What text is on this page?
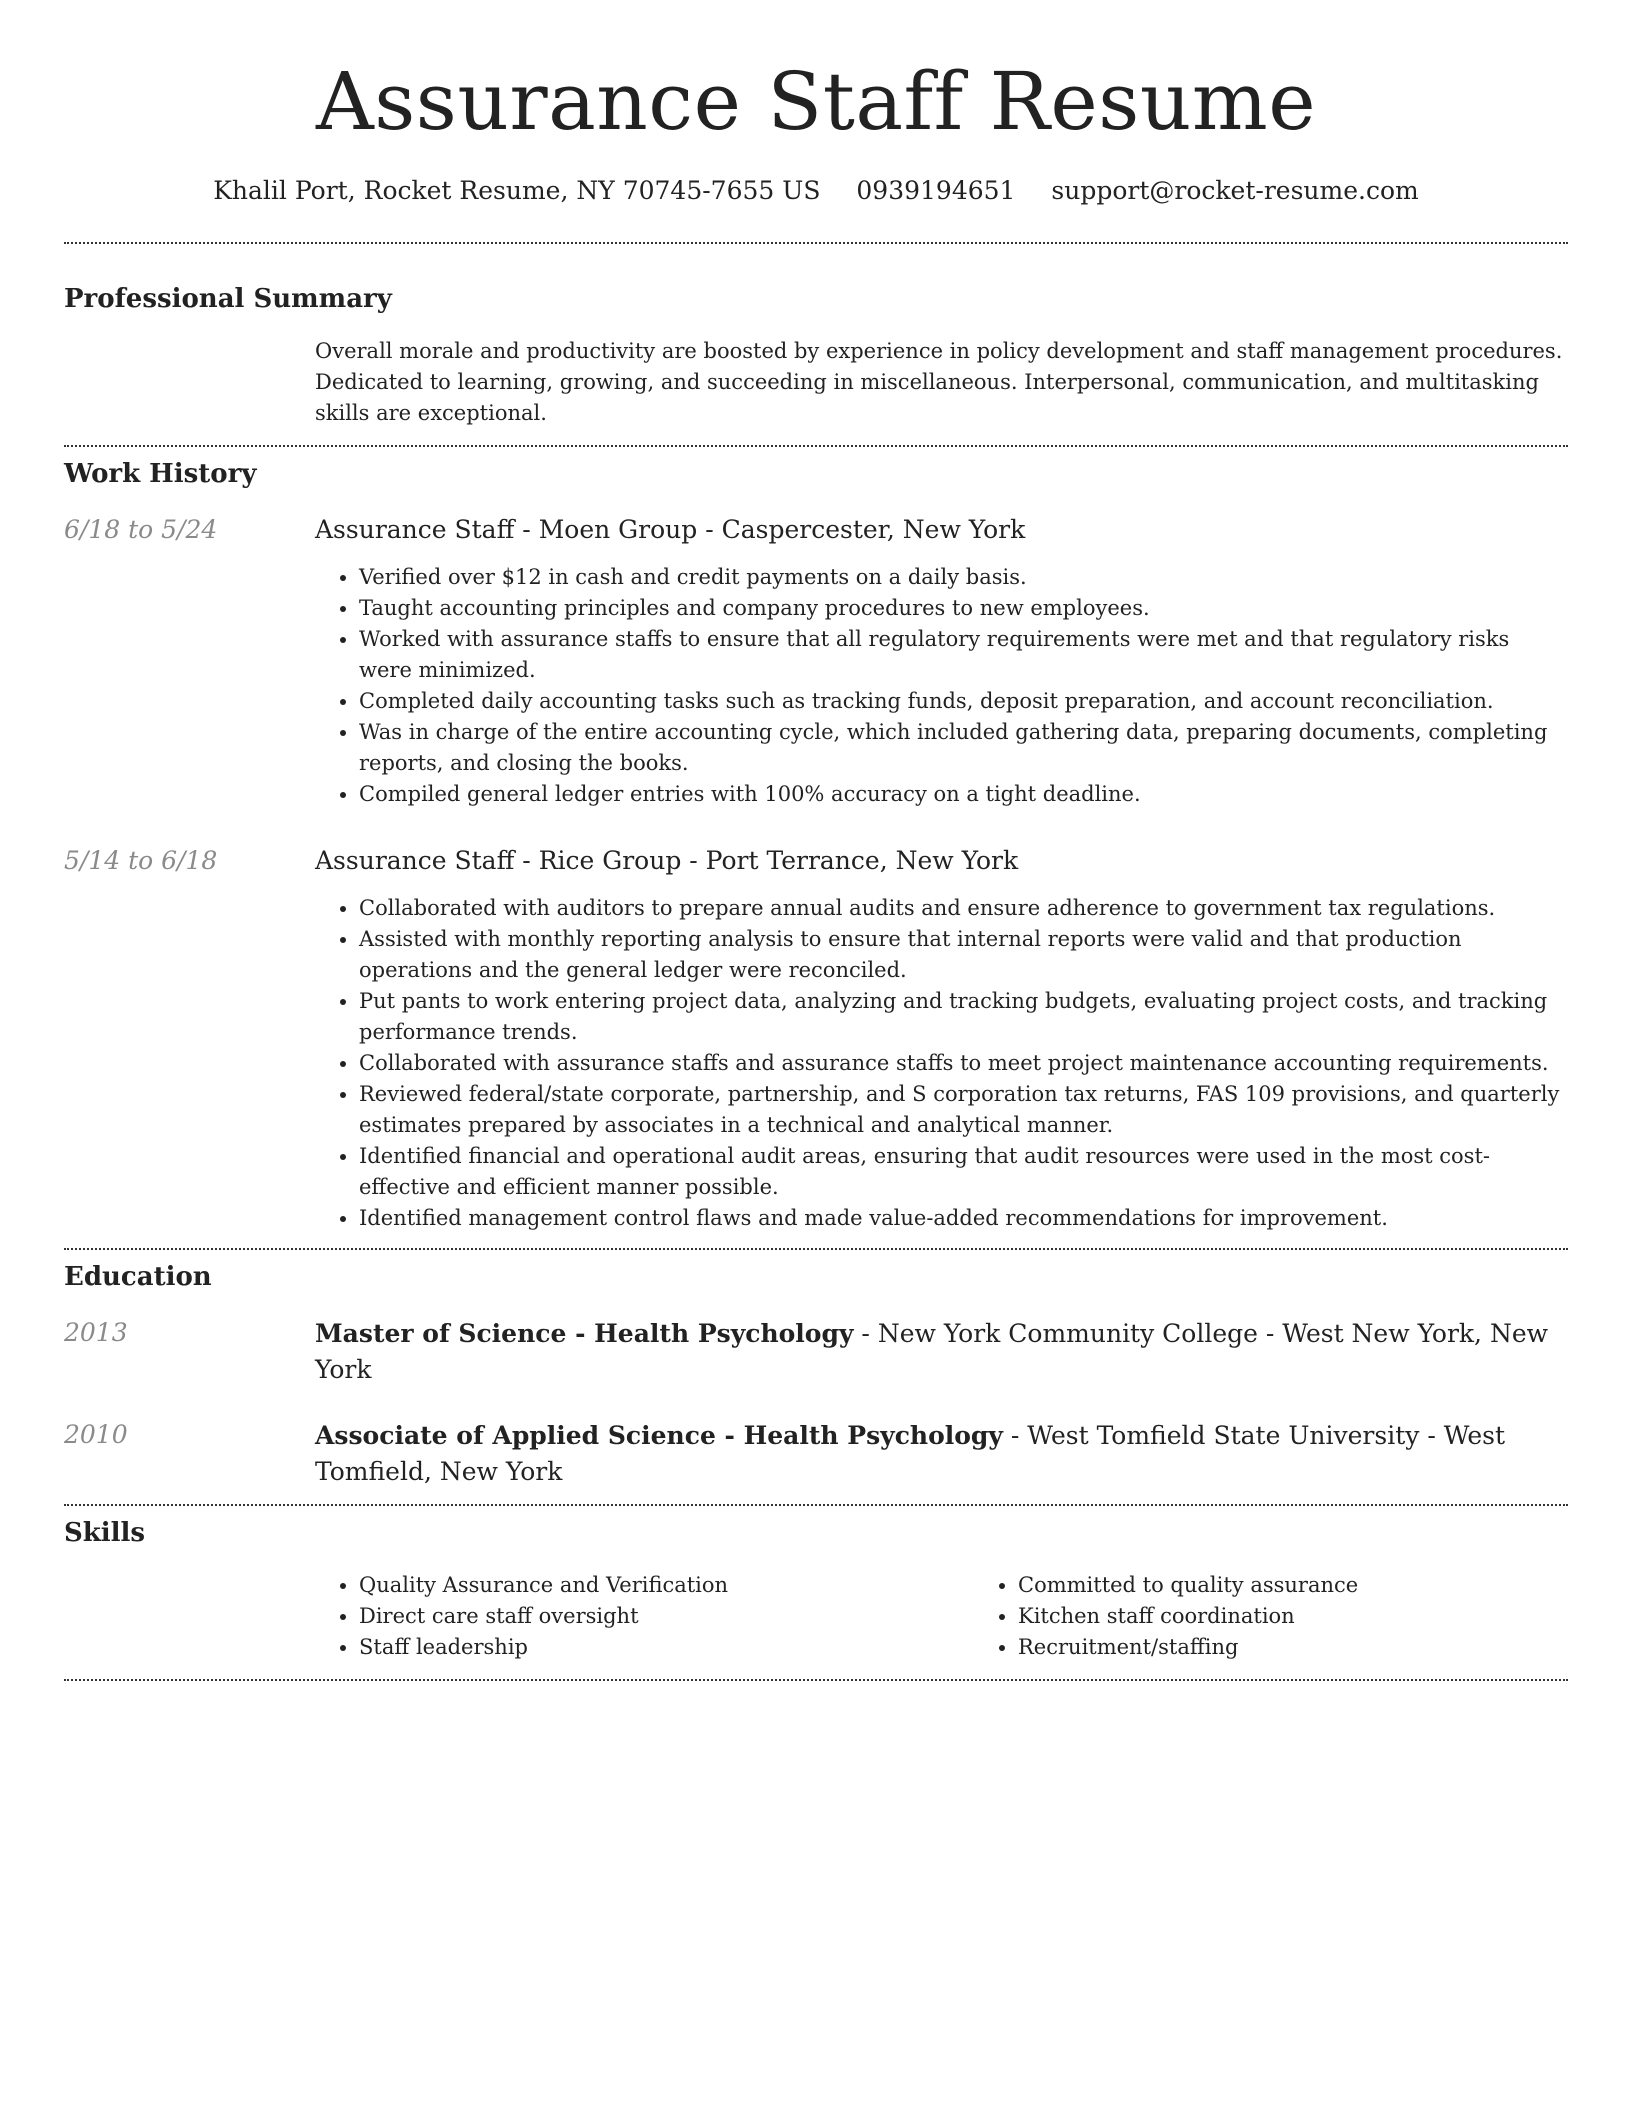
Assurance Staff Resume
Khalil Port, Rocket Resume, NY 70745-7655 US 0939194651 support@rocket-resume.com
Professional Summary

Overall morale and productivity are boosted by experience in policy development and staff management procedures. Dedicated to learning, growing, and succeeding in miscellaneous. Interpersonal, communication, and multitasking skills are exceptional.

Work History
6/18 to 5/24	Assurance Staff - Moen Group - Caspercester, New York
• Verified over $12 in cash and credit payments on a daily basis.
• Taught accounting principles and company procedures to new employees.
• Worked with assurance staffs to ensure that all regulatory requirements were met and that regulatory risks were minimized.
• Completed daily accounting tasks such as tracking funds, deposit preparation, and account reconciliation.
• Was in charge of the entire accounting cycle, which included gathering data, preparing documents, completing reports, and closing the books.
• Compiled general ledger entries with 100% accuracy on a tight deadline.
5/14 to 6/18	Assurance Staff - Rice Group - Port Terrance, New York
• Collaborated with auditors to prepare annual audits and ensure adherence to government tax regulations.
• Assisted with monthly reporting analysis to ensure that internal reports were valid and that production operations and the general ledger were reconciled.
• Put pants to work entering project data, analyzing and tracking budgets, evaluating project costs, and tracking performance trends.
• Collaborated with assurance staffs and assurance staffs to meet project maintenance accounting requirements.
• Reviewed federal/state corporate, partnership, and S corporation tax returns, FAS 109 provisions, and quarterly estimates prepared by associates in a technical and analytical manner.
• Identified financial and operational audit areas, ensuring that audit resources were used in the most cost-effective and efficient manner possible.
• Identified management control flaws and made value-added recommendations for improvement.
Education
2013	Master of Science - Health Psychology - New York Community College - West New York, New York
2010	Associate of Applied Science - Health Psychology - West Tomfield State University - West Tomfield, New York
Skills
• Quality Assurance and Verification
• Direct care staff oversight
• Staff leadership
• Committed to quality assurance
• Kitchen staff coordination
• Recruitment/staffing
